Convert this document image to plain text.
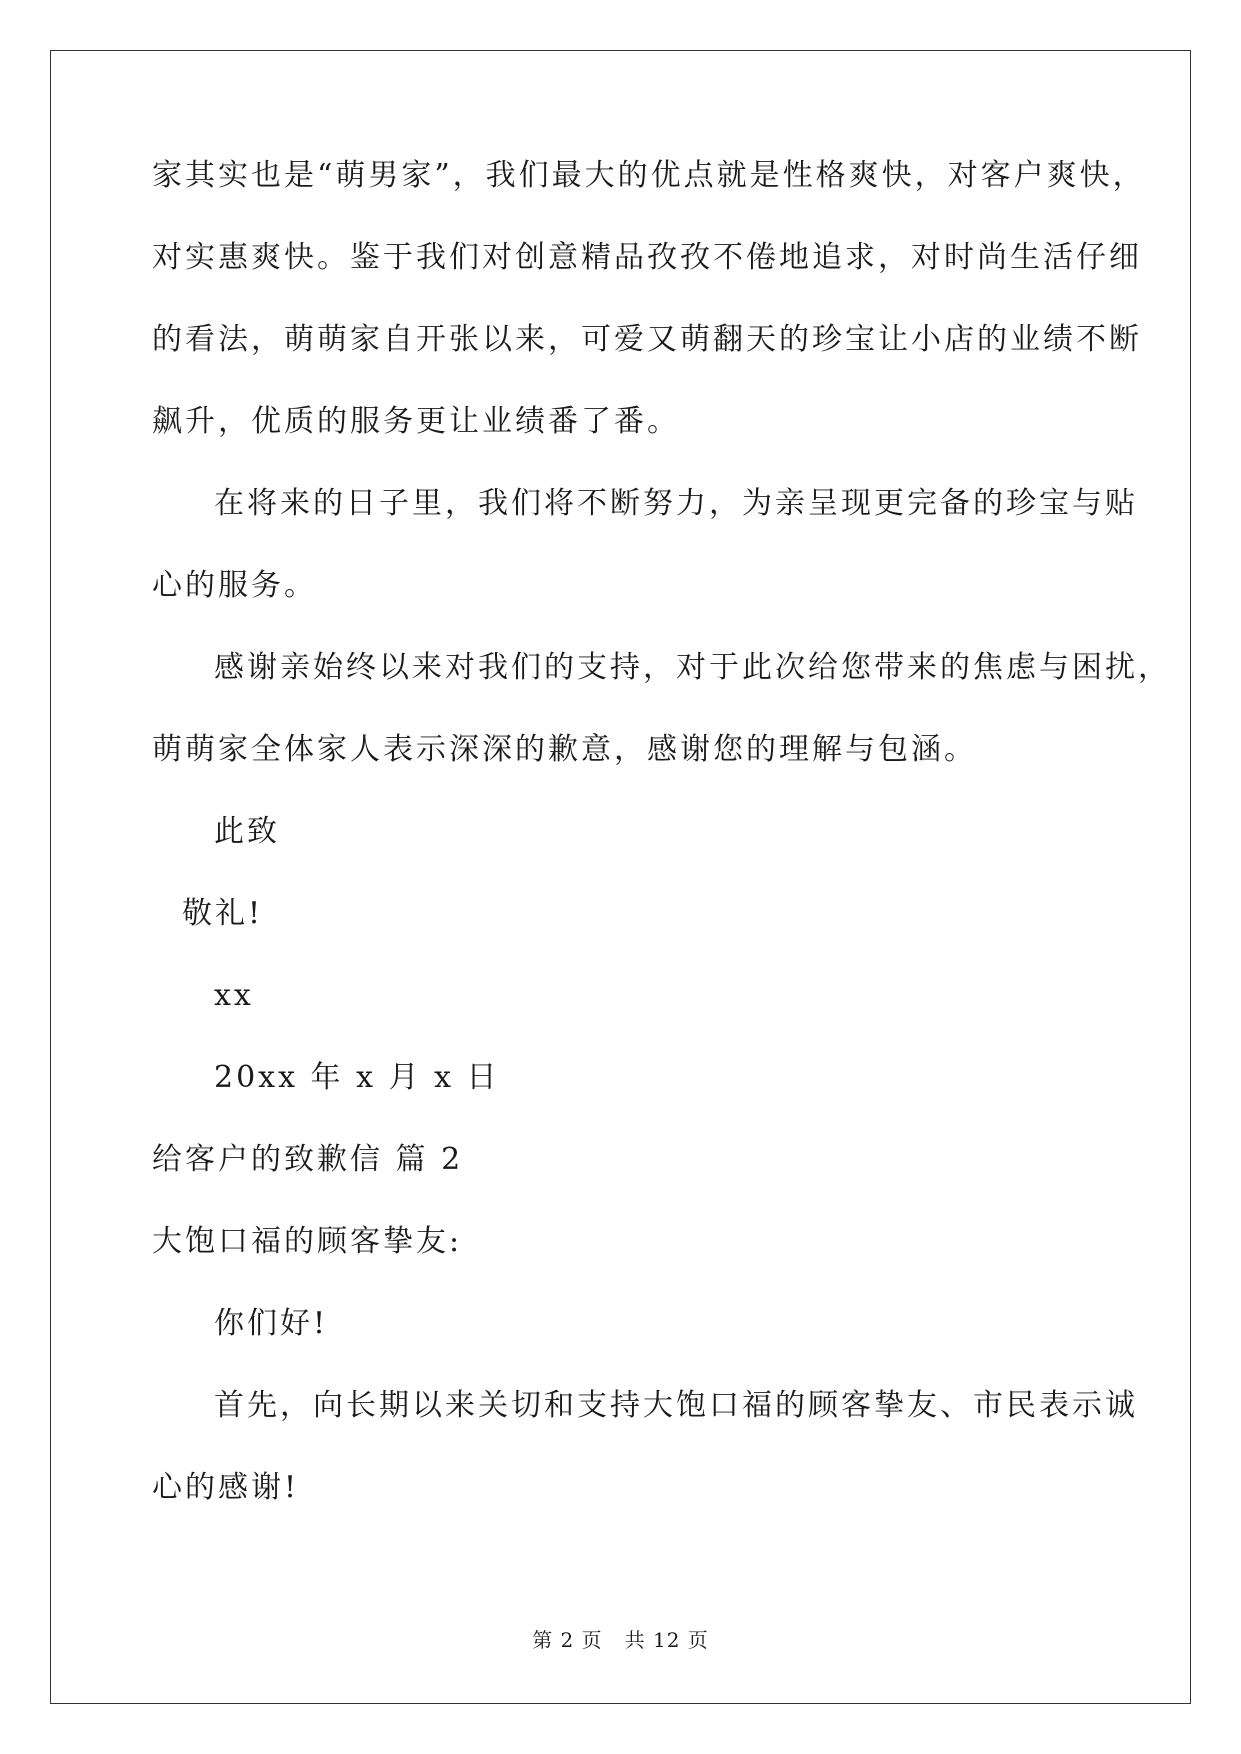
家其实也是“萌男家”，我们最大的优点就是性格爽快，对客户爽快，
对实惠爽快。鉴于我们对创意精品孜孜不倦地追求，对时尚生活仔细
的看法，萌萌家自开张以来，可爱又萌翻天的珍宝让小店的业绩不断
飙升，优质的服务更让业绩番了番。
在将来的日子里，我们将不断努力，为亲呈现更完备的珍宝与贴
心的服务。
感谢亲始终以来对我们的支持，对于此次给您带来的焦虑与困扰，
萌萌家全体家人表示深深的歉意，感谢您的理解与包涵。
此致
敬礼!
xx
20xx 年 x 月 x 日
给客户的致歉信 篇 2
大饱口福的顾客挚友:
你们好!
首先，向长期以来关切和支持大饱口福的顾客挚友、市民表示诚
心的感谢!
第 2 页 共 12 页
